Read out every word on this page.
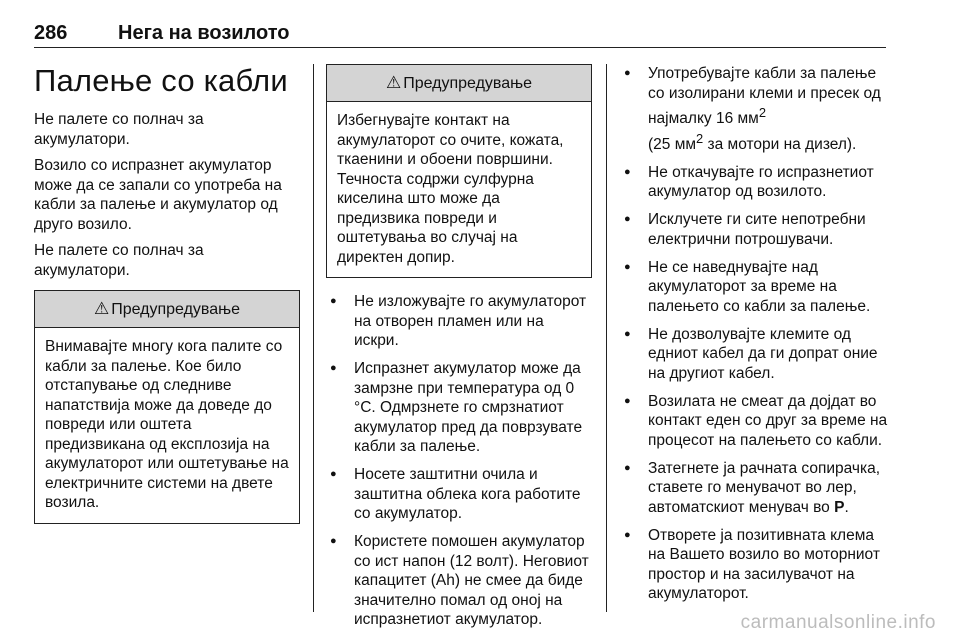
286	Нега на возилото
Палење со кабли

Не палете со полнач за акумулатори.

Возило со испразнет акумулатор може да се запали со употреба на кабли за палење и акумулатор од друго возило.

Не палете со полнач за акумулатори.

⚠ Предупредување
Внимавајте многу кога палите со кабли за палење. Кое било отстапување од следниве напатствија може да доведе до повреди или оштета предизвикана од експлозија на акумулаторот или оштетување на електричните системи на двете возила.
⚠ Предупредување
Избегнувајте контакт на акумулаторот со очите, кожата, ткаенини и обоени површини. Течноста содржи сулфурна киселина што може да предизвика повреди и оштетувања во случај на директен допир.
● Не изложувајте го акумулаторот на отворен пламен или на искри.
● Испразнет акумулатор може да замрзне при температура од 0 °C. Одмрзнете го смрзнатиот акумулатор пред да поврзувате кабли за палење.
● Носете заштитни очила и заштитна облека кога работите со акумулатор.
● Користете помошен акумулатор со ист напон (12 волт). Неговиот капацитет (Ah) не смее да биде значително помал од оној на испразнетиот акумулатор.
● Употребувајте кабли за палење со изолирани клеми и пресек од најмалку 16 $мм^2$
(25 $мм^2$ за мотори на дизел).
● Не откачувајте го испразнетиот акумулатор од возилото.
● Исклучете ги сите непотребни електрични потрошувачи.
● Не се наведнувајте над акумулаторот за време на палењето со кабли за палење.
● Не дозволувајте клемите од едниот кабел да ги допрат оние на другиот кабел.
● Возилата не смеат да дојдат во контакт еден со друг за време на процесот на палењето со кабли.
● Затегнете ја рачната сопирачка, ставете го менувачот во лер, автоматскиот менувач во P.
● Отворете ја позитивната клема на Вашето возило во моторниот простор и на засилувачот на акумулаторот.
carmanualsonline.info
